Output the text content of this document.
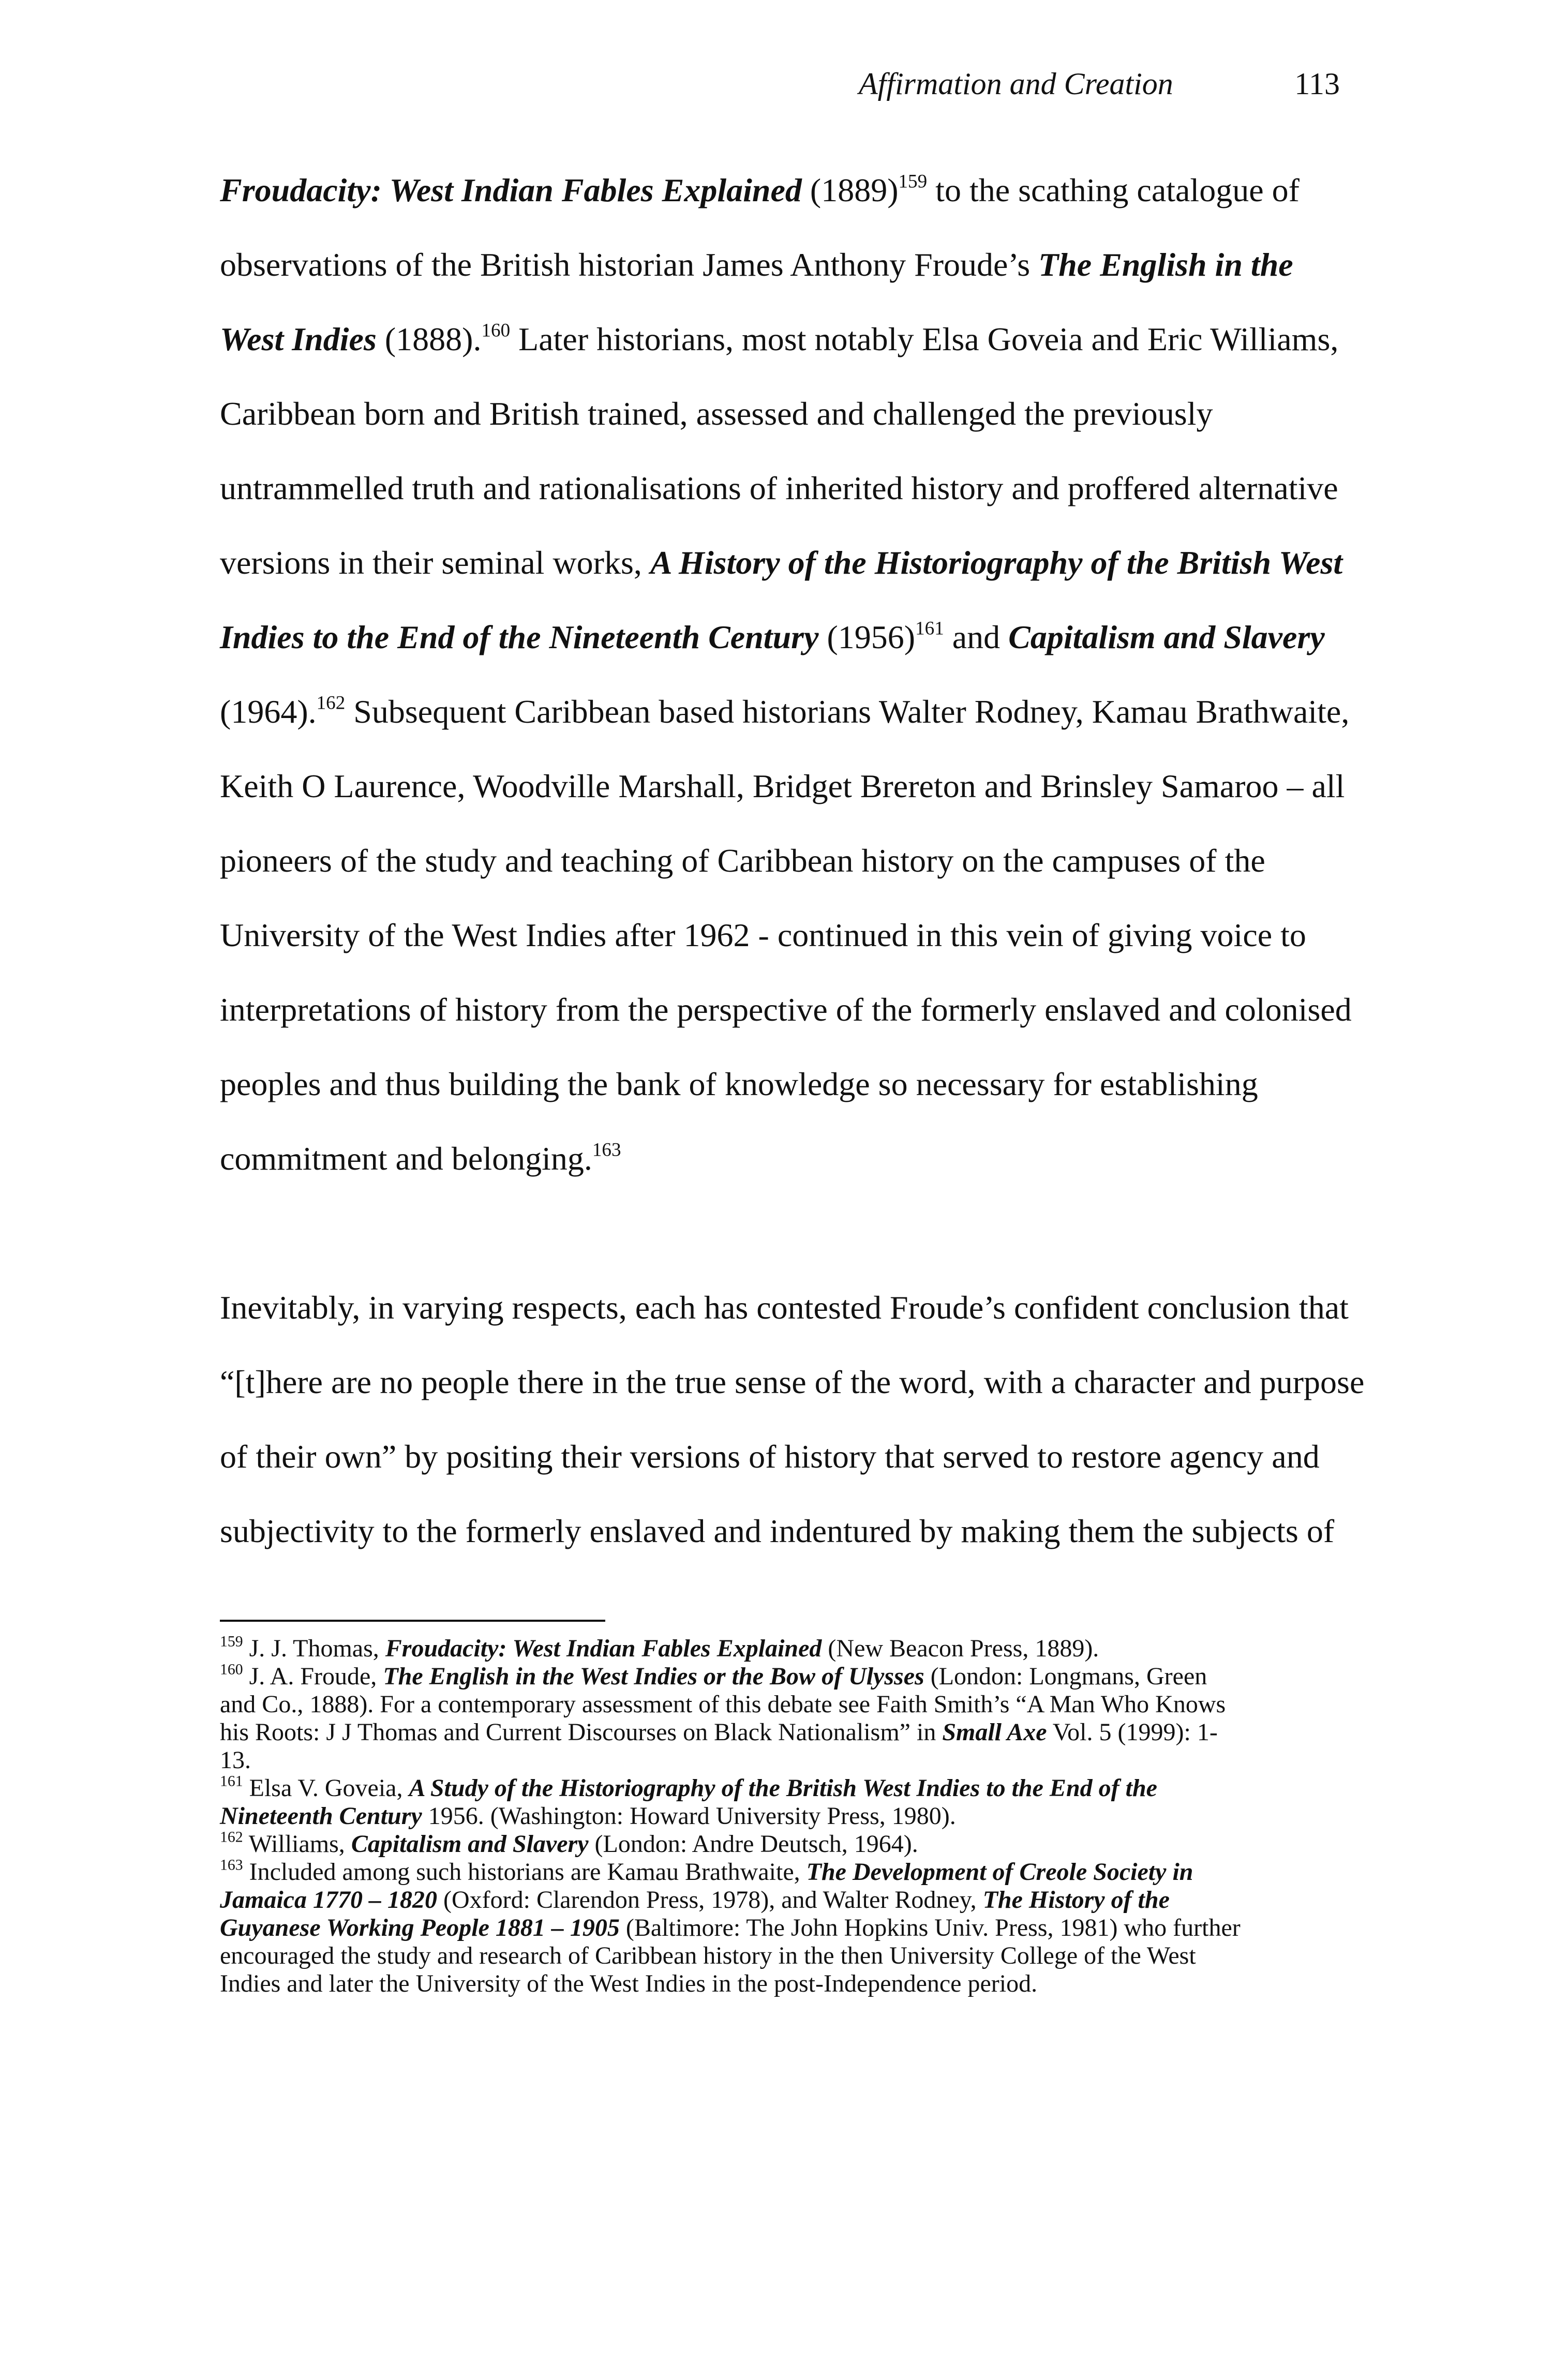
Affirmation and Creation	113
Froudacity: West Indian Fables Explained $(1889)^{159}$ to the scathing catalogue of
observations of the British historian James Anthony Froude’s The English in the
West Indies (1888).$^{160}$ Later historians, most notably Elsa Goveia and Eric Williams,
Caribbean born and British trained, assessed and challenged the previously
untrammelled truth and rationalisations of inherited history and proffered alternative
versions in their seminal works, A History of the Historiography of the British West
Indies to the End of the Nineteenth Century $(1956)^{161}$ and Capitalism and Slavery
(1964).$^{162}$ Subsequent Caribbean based historians Walter Rodney, Kamau Brathwaite,
Keith O Laurence, Woodville Marshall, Bridget Brereton and Brinsley Samaroo – all
pioneers of the study and teaching of Caribbean history on the campuses of the
University of the West Indies after 1962 - continued in this vein of giving voice to
interpretations of history from the perspective of the formerly enslaved and colonised
peoples and thus building the bank of knowledge so necessary for establishing
commitment and belonging.$^{163}$
Inevitably, in varying respects, each has contested Froude’s confident conclusion that
“[t]here are no people there in the true sense of the word, with a character and purpose
of their own” by positing their versions of history that served to restore agency and
subjectivity to the formerly enslaved and indentured by making them the subjects of
$^{159}$ J. J. Thomas, Froudacity: West Indian Fables Explained (New Beacon Press, 1889).
$^{160}$ J. A. Froude, The English in the West Indies or the Bow of Ulysses (London: Longmans, Green
and Co., 1888). For a contemporary assessment of this debate see Faith Smith’s “A Man Who Knows
his Roots: J J Thomas and Current Discourses on Black Nationalism” in Small Axe Vol. 5 (1999): 1-
13.
$^{161}$ Elsa V. Goveia, A Study of the Historiography of the British West Indies to the End of the
Nineteenth Century 1956. (Washington: Howard University Press, 1980).
$^{162}$ Williams, Capitalism and Slavery (London: Andre Deutsch, 1964).
$^{163}$ Included among such historians are Kamau Brathwaite, The Development of Creole Society in
Jamaica 1770 – 1820 (Oxford: Clarendon Press, 1978), and Walter Rodney, The History of the
Guyanese Working People 1881 – 1905 (Baltimore: The John Hopkins Univ. Press, 1981) who further
encouraged the study and research of Caribbean history in the then University College of the West
Indies and later the University of the West Indies in the post-Independence period.
